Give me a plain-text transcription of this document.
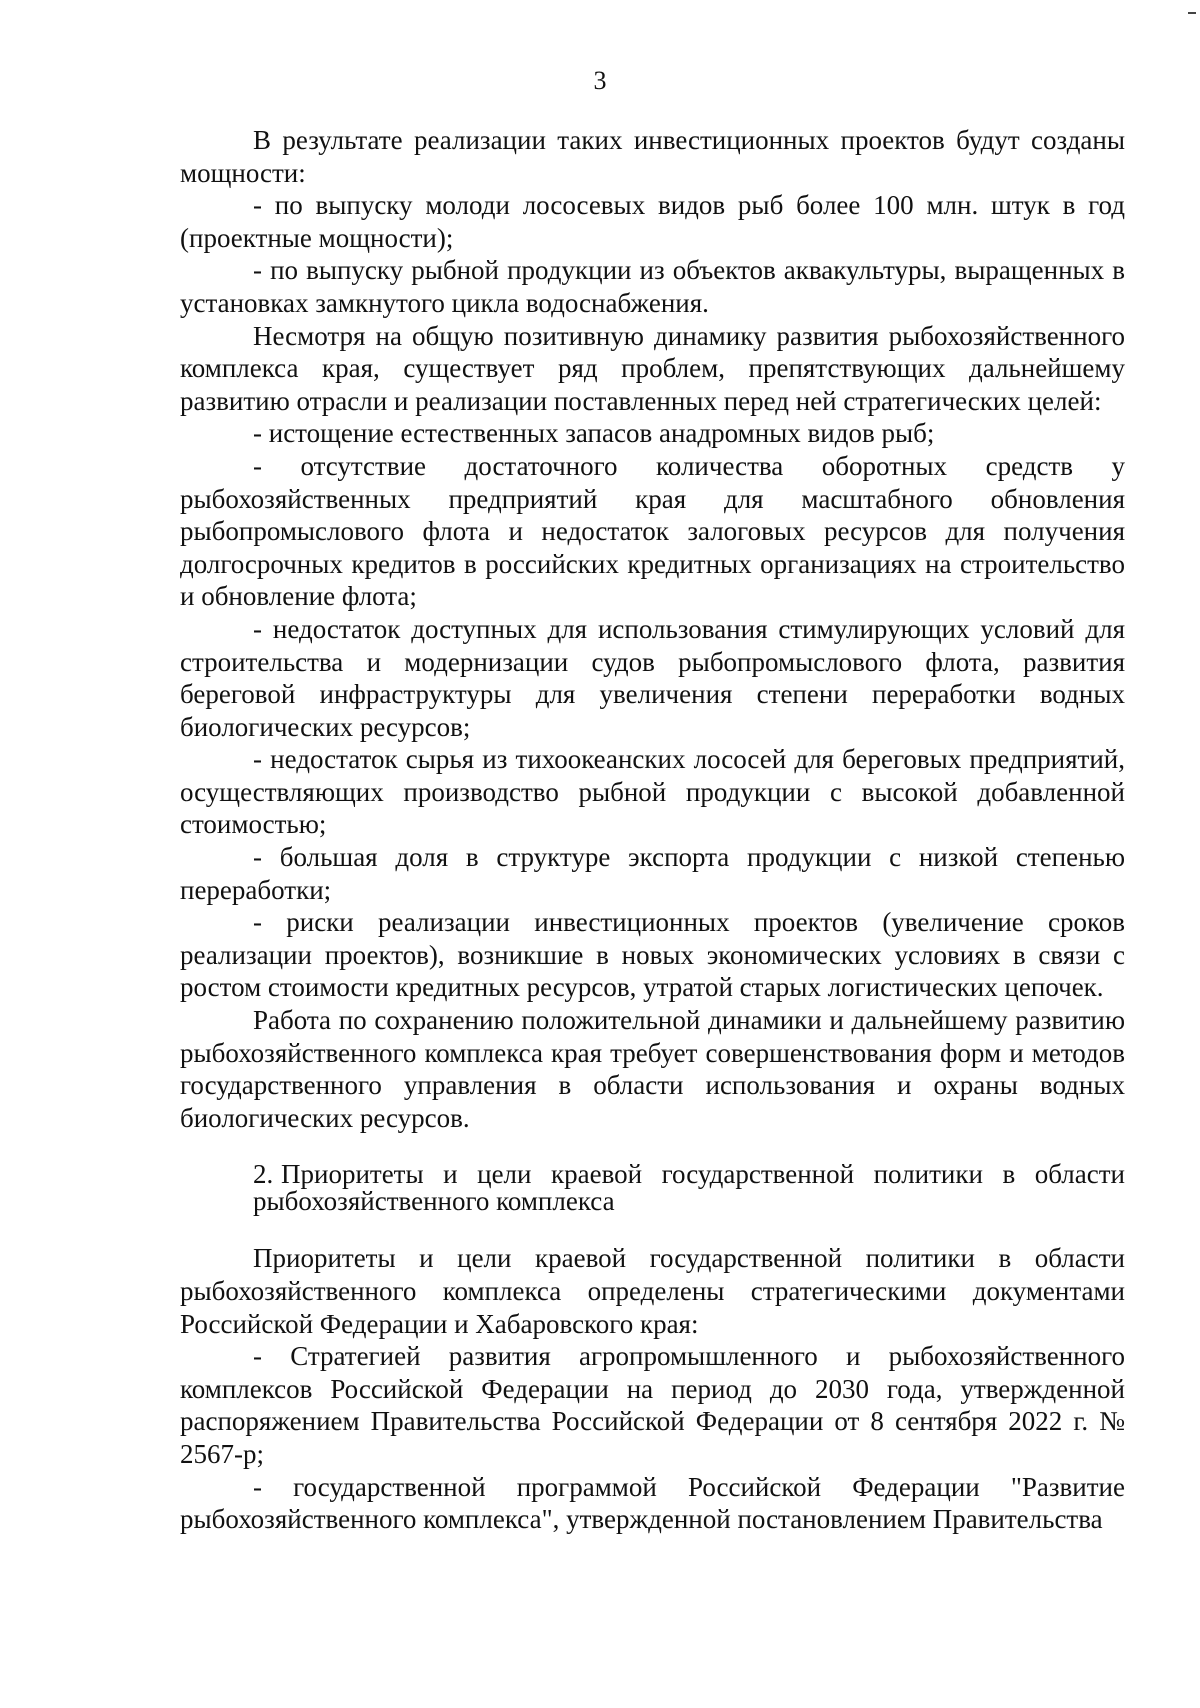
3

В результате реализации таких инвестиционных проектов будут созданы мощности:

- по выпуску молоди лососевых видов рыб более 100 млн. штук в год (проектные мощности);

- по выпуску рыбной продукции из объектов аквакультуры, выращенных в установках замкнутого цикла водоснабжения.

Несмотря на общую позитивную динамику развития рыбохозяйственного комплекса края, существует ряд проблем, препятствующих дальнейшему развитию отрасли и реализации поставленных перед ней стратегических целей:

- истощение естественных запасов анадромных видов рыб;

- отсутствие достаточного количества оборотных средств у рыбохозяйственных предприятий края для масштабного обновления рыбопромыслового флота и недостаток залоговых ресурсов для получения долгосрочных кредитов в российских кредитных организациях на строительство и обновление флота;

- недостаток доступных для использования стимулирующих условий для строительства и модернизации судов рыбопромыслового флота, развития береговой инфраструктуры для увеличения степени переработки водных биологических ресурсов;

- недостаток сырья из тихоокеанских лососей для береговых предприятий, осуществляющих производство рыбной продукции с высокой добавленной стоимостью;

- большая доля в структуре экспорта продукции с низкой степенью переработки;

- риски реализации инвестиционных проектов (увеличение сроков реализации проектов), возникшие в новых экономических условиях в связи с ростом стоимости кредитных ресурсов, утратой старых логистических цепочек.

Работа по сохранению положительной динамики и дальнейшему развитию рыбохозяйственного комплекса края требует совершенствования форм и методов государственного управления в области использования и охраны водных биологических ресурсов.

2. Приоритеты и цели краевой государственной политики в области рыбохозяйственного комплекса

Приоритеты и цели краевой государственной политики в области рыбохозяйственного комплекса определены стратегическими документами Российской Федерации и Хабаровского края:

- Стратегией развития агропромышленного и рыбохозяйственного комплексов Российской Федерации на период до 2030 года, утвержденной распоряжением Правительства Российской Федерации от 8 сентября 2022 г. № 2567-р;

- государственной программой Российской Федерации "Развитие рыбохозяйственного комплекса", утвержденной постановлением Правительства
